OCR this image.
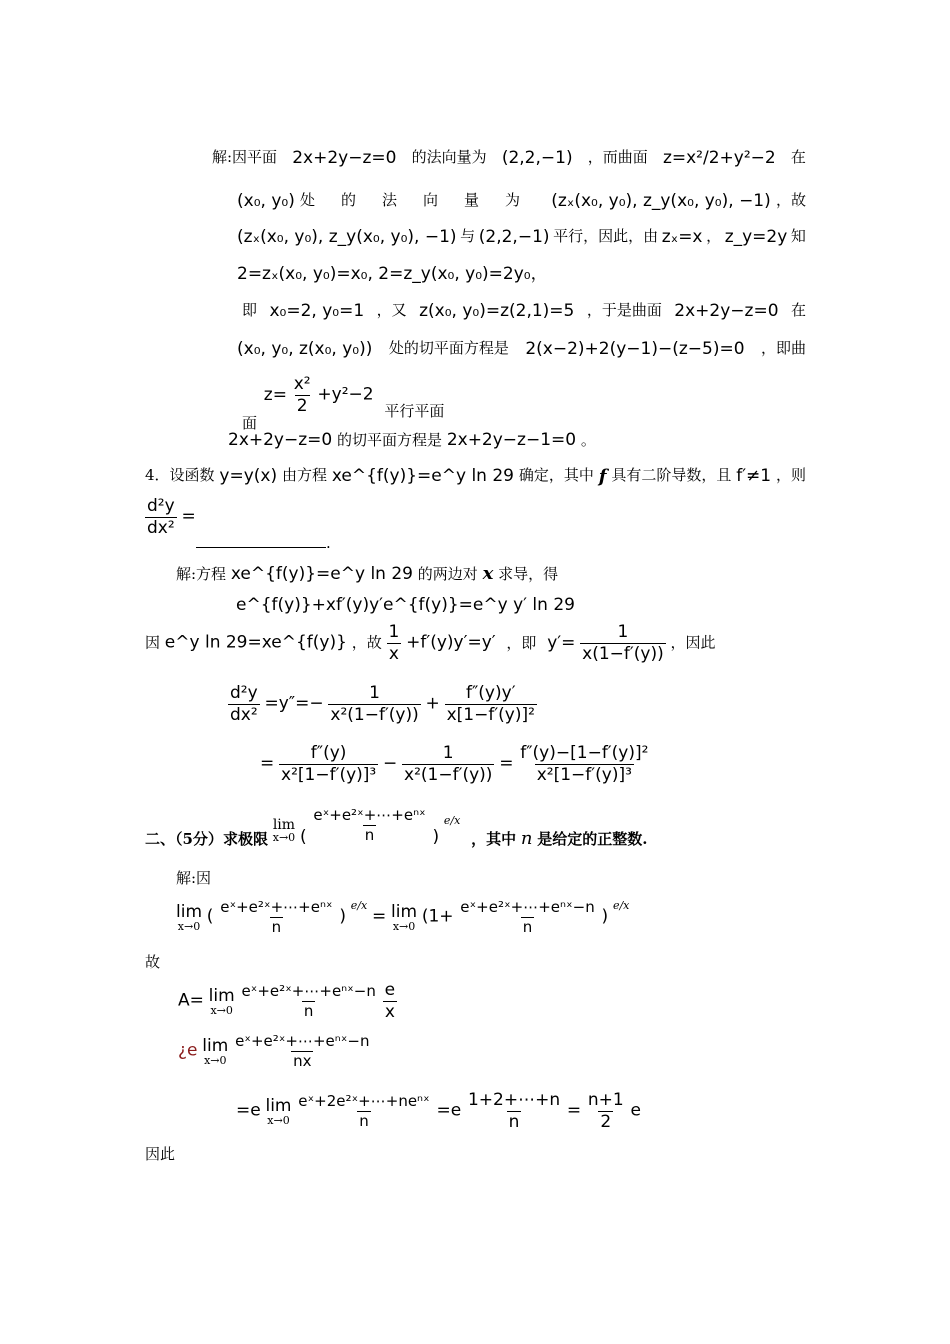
解:因平面 2x+2y−z=0 的法向量为 (2,2,−1) ，而曲面 z=x²/2+y²−2 在
(x₀, y₀) 处的法向量为 (zₓ(x₀, y₀), z_y(x₀, y₀), −1) ，故
(zₓ(x₀, y₀), z_y(x₀, y₀), −1) 与 (2,2,−1) 平行，因此，由 zₓ=x ， z_y=2y 知
2=zₓ(x₀, y₀)=x₀, 2=z_y(x₀, y₀)=2y₀，
即 x₀=2, y₀=1 ，又 z(x₀, y₀)=z(2,1)=5 ，于是曲面 2x+2y−z=0 在
(x₀, y₀, z(x₀, y₀)) 处的切平面方程是 2(x−2)+2(y−1)−(z−5)=0 ，即曲
面 $z= \frac{\text{x²}}{2} +y^2-2$ 平行平面
2x+2y−z=0 的切平面方程是 2x+2y−z−1=0 。
4．设函数 y=y(x) 由方程 xe^{f(y)}=e^y ln 29 确定，其中 f 具有二阶导数，且 f′≠1 ，则
$\frac{\text{d²y}}{\text{dx²}}$ =
.
解:方程 xe^{f(y)}=e^y ln 29 的两边对 x 求导，得
e^{f(y)}+xf′(y)y′e^{f(y)}=e^y y′ ln 29
因 e^y ln 29=xe^{f(y)} ，故 $\frac{1}{x} +f'(y)y'=y'$ ，即 $y'= \frac{1}{x(1-f'(y))}$ ，因此
$\frac{\text{d²y}}{\text{dx²}} =y''=- \frac{1}{\text{x²(1−f′(y))}} + \frac{f''(y)y'}{\text{x[1−f′(y)]²}}$
= $\frac{f''(y)}{\text{x²[1−f′(y)]³}} - \frac{1}{\text{x²(1−f′(y))}} = \frac{\text{f″(y)−[1−f′(y)]²}}{\text{x²[1−f′(y)]³}}$
二、（5分）求极限
lim
x→0 ( $\frac{\text{eˣ+e²ˣ+⋯+eⁿˣ}}{n}$ ) $^{e/x}$ ，其中 n 是给定的正整数.
解:因
lim
x→0 ( $\frac{\text{eˣ+e²ˣ+⋯+eⁿˣ}}{n}$ ) $^{e/x}$ = lim
x→0 ($1+ \frac{\text{eˣ+e²ˣ+⋯+eⁿˣ−n}}{n}$ ) $^{e/x}$
故
A= lim
x→0
$\frac{\text{eˣ+e²ˣ+⋯+eⁿˣ−n}}{n}$
$\frac{e}{x}$
¿e lim
x→0
$\frac{\text{eˣ+e²ˣ+⋯+eⁿˣ−n}}{nx}$
=e lim
x→0
$\frac{\text{eˣ+2e²ˣ+⋯+neⁿˣ}}{n} =e \frac{1+2+\cdots+n}{n} = \frac{n+1}{2}$ e
因此
